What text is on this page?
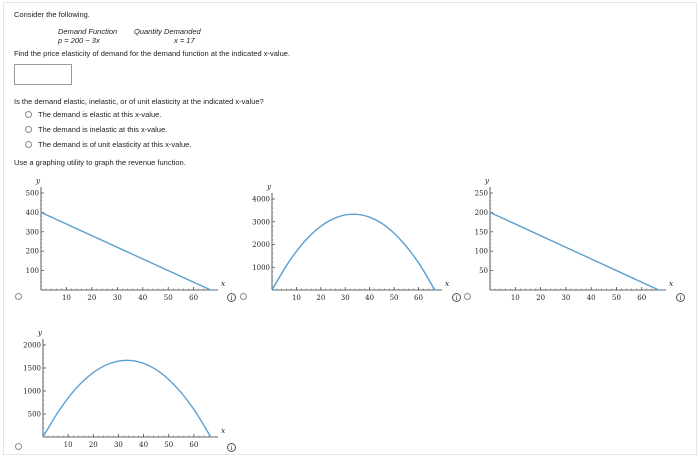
Consider the following.
Demand Function
p = 200 − 3x
Quantity Demanded
x = 17
Find the price elasticity of demand for the demand function at the indicated x-value.
Is the demand elastic, inelastic, or of unit elasticity at the indicated x-value?
The demand is elastic at this x-value.
The demand is inelastic at this x-value.
The demand is of unit elasticity at this x-value.
Use a graphing utility to graph the revenue function.
i	i	i
i
10 20 30 40 50 60
100
200
300
400
500
x
y
10 20 30 40 50 60
1000
2000
3000
4000
x
y
10 20 30 40 50 60
50
100
150
200
250
x
y
10 20 30 40 50 60
500
1000
1500
2000
x
y
